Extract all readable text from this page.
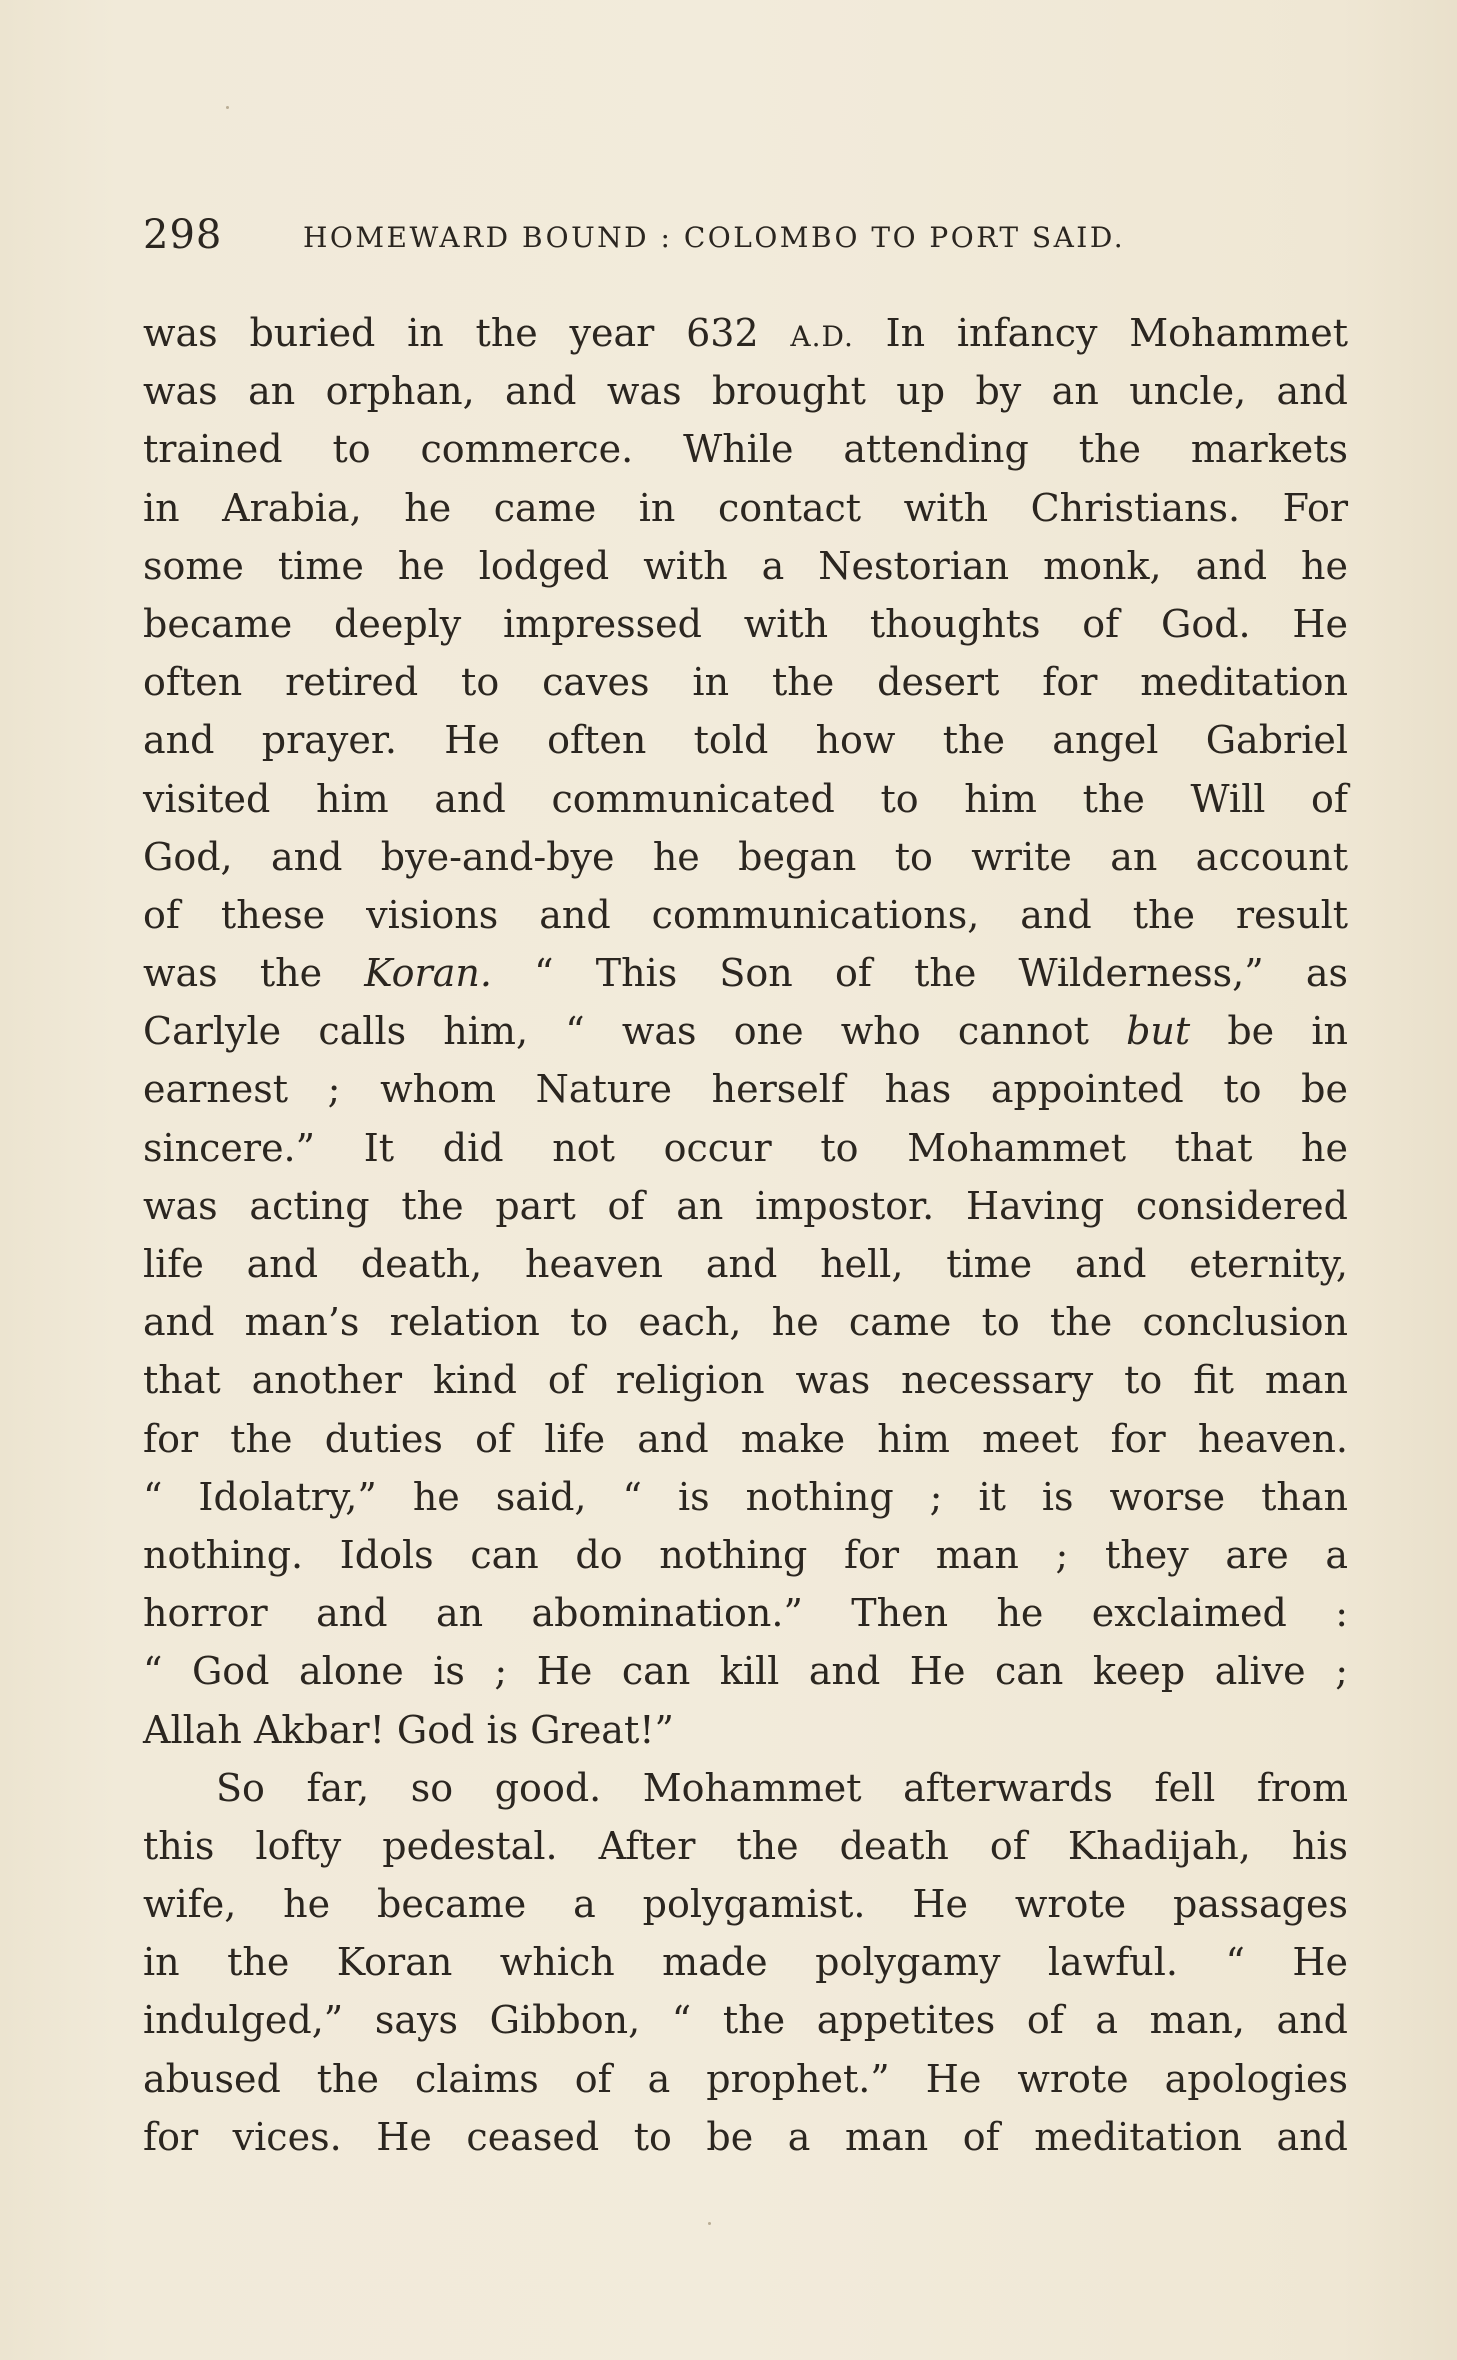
298	HOMEWARD BOUND : COLOMBO TO PORT SAID.
was buried in the year 632 A.D. In infancy Mohammet
was an orphan, and was brought up by an uncle, and
trained to commerce. While attending the markets
in Arabia, he came in contact with Christians. For
some time he lodged with a Nestorian monk, and he
became deeply impressed with thoughts of God. He
often retired to caves in the desert for meditation
and prayer. He often told how the angel Gabriel
visited him and communicated to him the Will of
God, and bye-and-bye he began to write an account
of these visions and communications, and the result
was the Koran. “ This Son of the Wilderness,” as
Carlyle calls him, “ was one who cannot but be in
earnest ; whom Nature herself has appointed to be
sincere.” It did not occur to Mohammet that he
was acting the part of an impostor. Having considered
life and death, heaven and hell, time and eternity,
and man’s relation to each, he came to the conclusion
that another kind of religion was necessary to fit man
for the duties of life and make him meet for heaven.
“ Idolatry,” he said, “ is nothing ; it is worse than
nothing. Idols can do nothing for man ; they are a
horror and an abomination.” Then he exclaimed :
“ God alone is ; He can kill and He can keep alive ;
Allah Akbar! God is Great!”
So far, so good. Mohammet afterwards fell from
this lofty pedestal. After the death of Khadijah, his
wife, he became a polygamist. He wrote passages
in the Koran which made polygamy lawful. “ He
indulged,” says Gibbon, “ the appetites of a man, and
abused the claims of a prophet.” He wrote apologies
for vices. He ceased to be a man of meditation and
